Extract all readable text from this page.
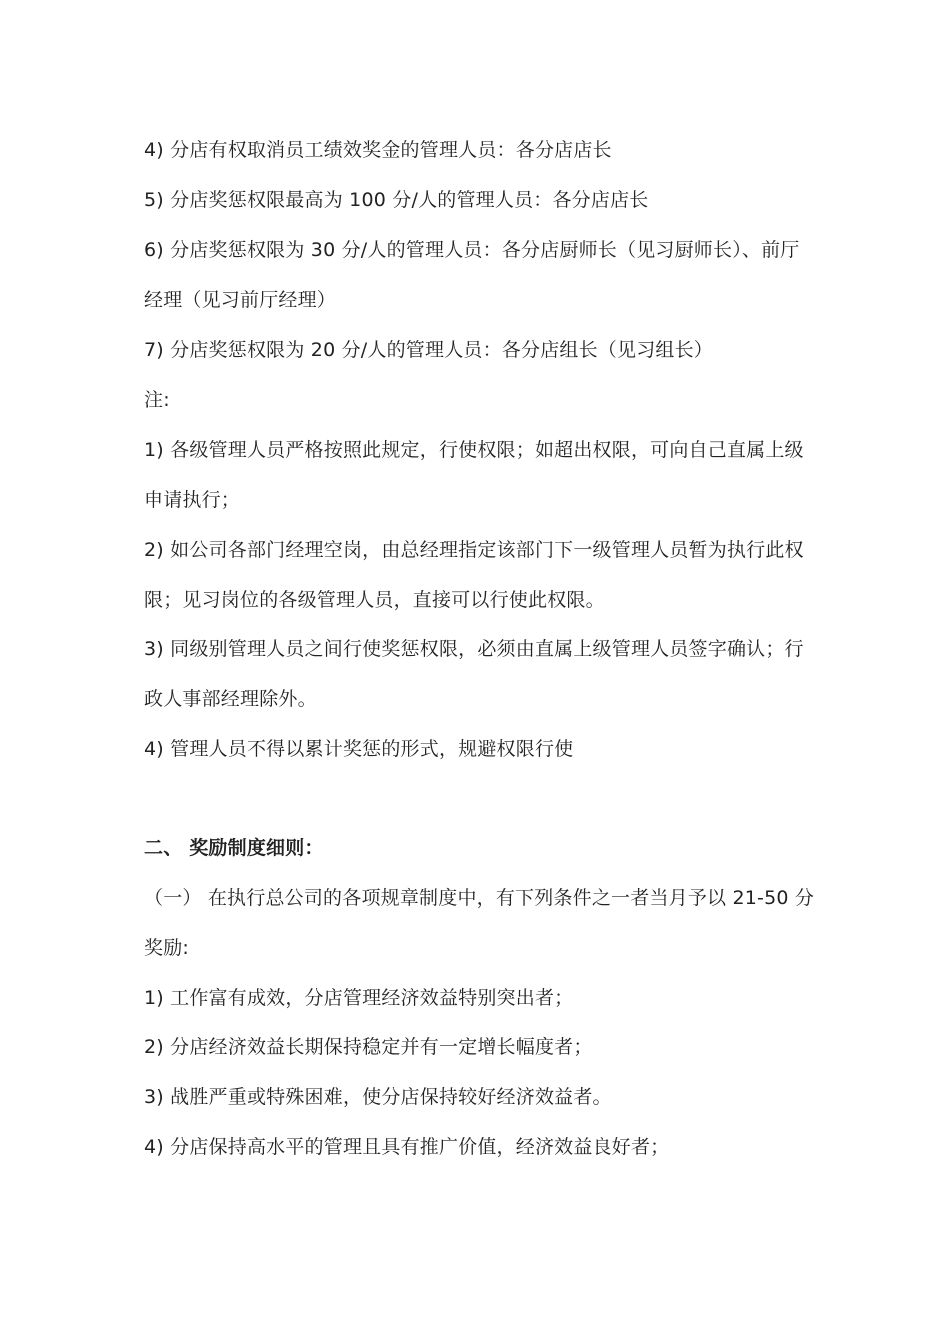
4) 分店有权取消员工绩效奖金的管理人员：各分店店长
5) 分店奖惩权限最高为 100 分/人的管理人员：各分店店长
6) 分店奖惩权限为 30 分/人的管理人员：各分店厨师长（见习厨师长）、前厅
经理（见习前厅经理）
7) 分店奖惩权限为 20 分/人的管理人员：各分店组长（见习组长）
注:
1) 各级管理人员严格按照此规定，行使权限；如超出权限，可向自己直属上级
申请执行；
2) 如公司各部门经理空岗，由总经理指定该部门下一级管理人员暂为执行此权
限；见习岗位的各级管理人员，直接可以行使此权限。
3) 同级别管理人员之间行使奖惩权限，必须由直属上级管理人员签字确认；行
政人事部经理除外。
4) 管理人员不得以累计奖惩的形式，规避权限行使
二、 奖励制度细则：
（一） 在执行总公司的各项规章制度中，有下列条件之一者当月予以 21-50 分
奖励:
1) 工作富有成效，分店管理经济效益特别突出者；
2) 分店经济效益长期保持稳定并有一定增长幅度者；
3) 战胜严重或特殊困难，使分店保持较好经济效益者。
4) 分店保持高水平的管理且具有推广价值，经济效益良好者；
